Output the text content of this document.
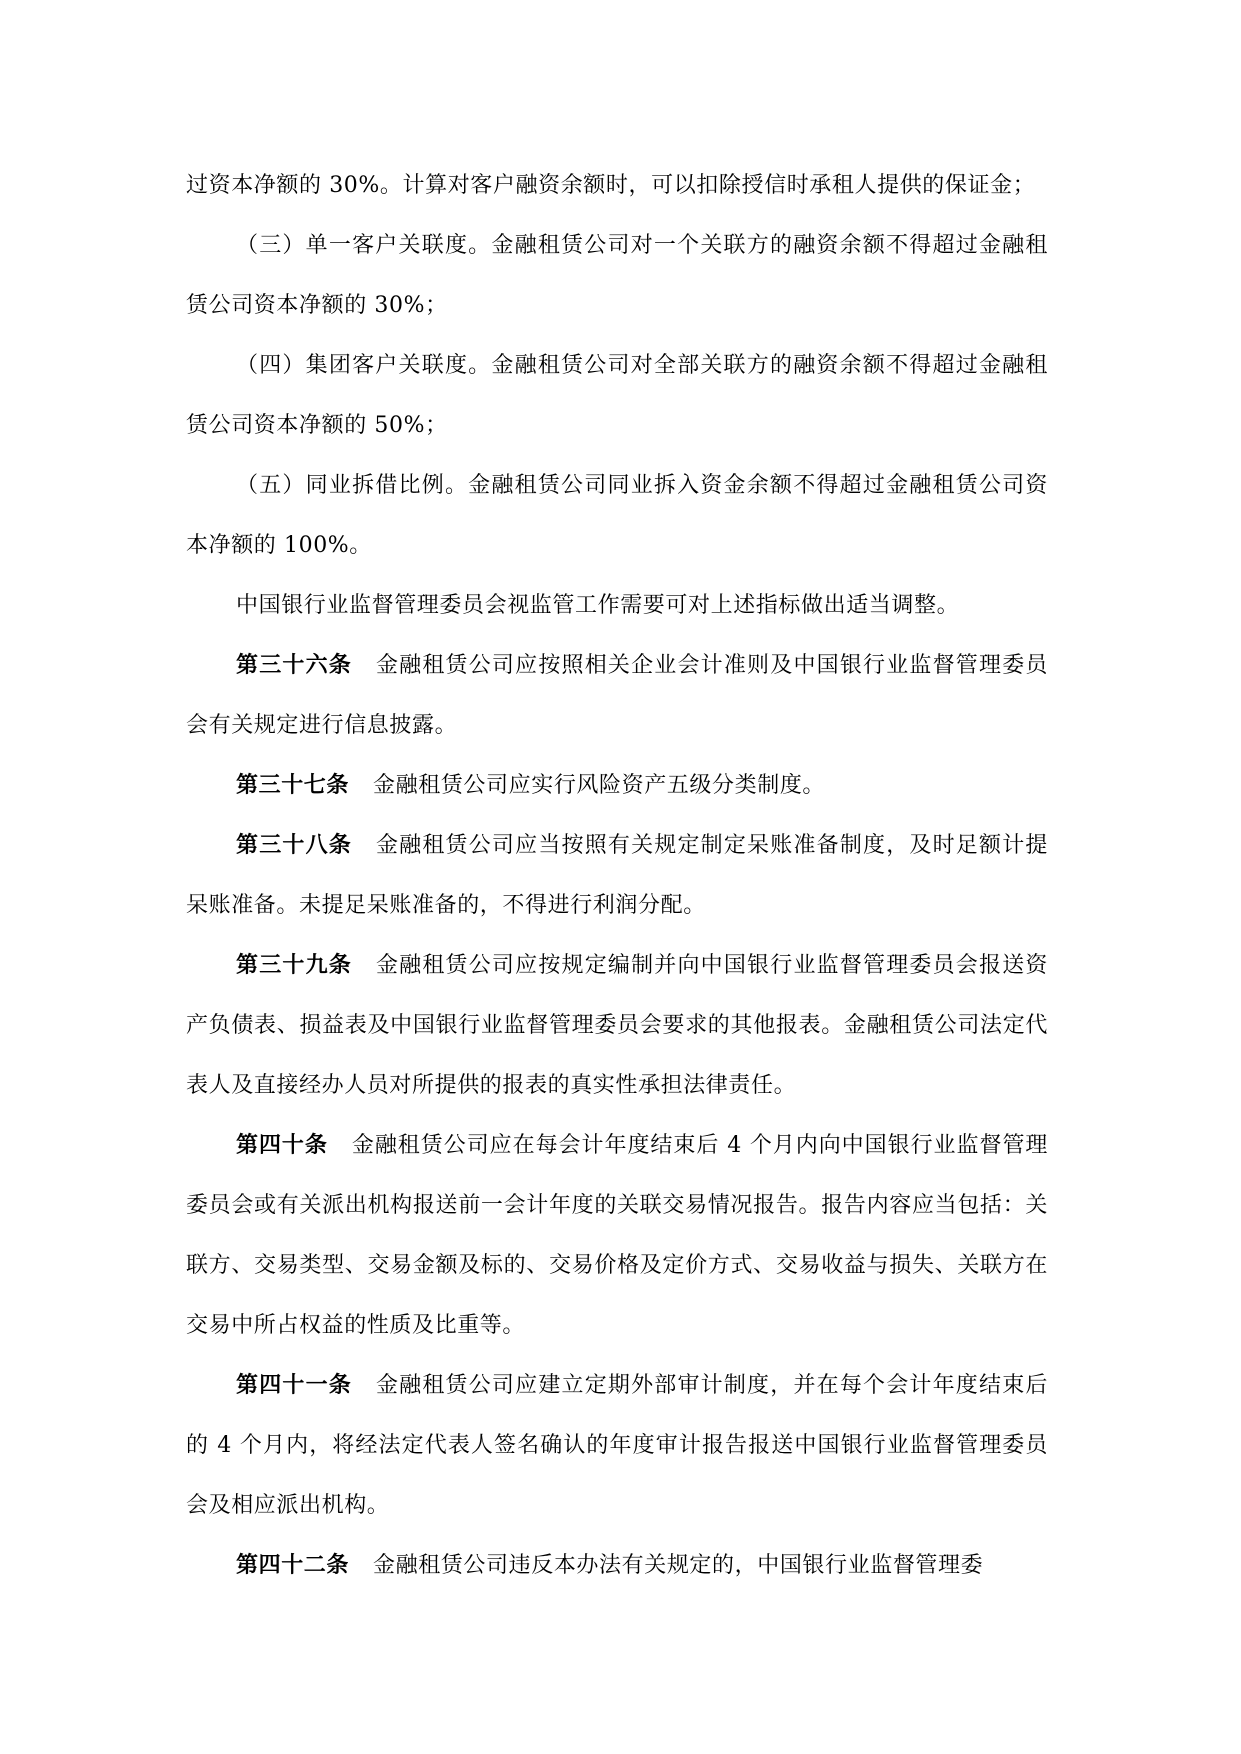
过资本净额的 30%。计算对客户融资余额时，可以扣除授信时承租人提供的保证金；

（三）单一客户关联度。金融租赁公司对一个关联方的融资余额不得超过金融租赁公司资本净额的 30%；

（四）集团客户关联度。金融租赁公司对全部关联方的融资余额不得超过金融租赁公司资本净额的 50%；

（五）同业拆借比例。金融租赁公司同业拆入资金余额不得超过金融租赁公司资本净额的 100%。

中国银行业监督管理委员会视监管工作需要可对上述指标做出适当调整。

第三十六条 金融租赁公司应按照相关企业会计准则及中国银行业监督管理委员会有关规定进行信息披露。

第三十七条 金融租赁公司应实行风险资产五级分类制度。

第三十八条 金融租赁公司应当按照有关规定制定呆账准备制度，及时足额计提呆账准备。未提足呆账准备的，不得进行利润分配。

第三十九条 金融租赁公司应按规定编制并向中国银行业监督管理委员会报送资产负债表、损益表及中国银行业监督管理委员会要求的其他报表。金融租赁公司法定代表人及直接经办人员对所提供的报表的真实性承担法律责任。

第四十条 金融租赁公司应在每会计年度结束后 4 个月内向中国银行业监督管理委员会或有关派出机构报送前一会计年度的关联交易情况报告。报告内容应当包括：关联方、交易类型、交易金额及标的、交易价格及定价方式、交易收益与损失、关联方在交易中所占权益的性质及比重等。

第四十一条 金融租赁公司应建立定期外部审计制度，并在每个会计年度结束后的 4 个月内，将经法定代表人签名确认的年度审计报告报送中国银行业监督管理委员会及相应派出机构。

第四十二条 金融租赁公司违反本办法有关规定的，中国银行业监督管理委
